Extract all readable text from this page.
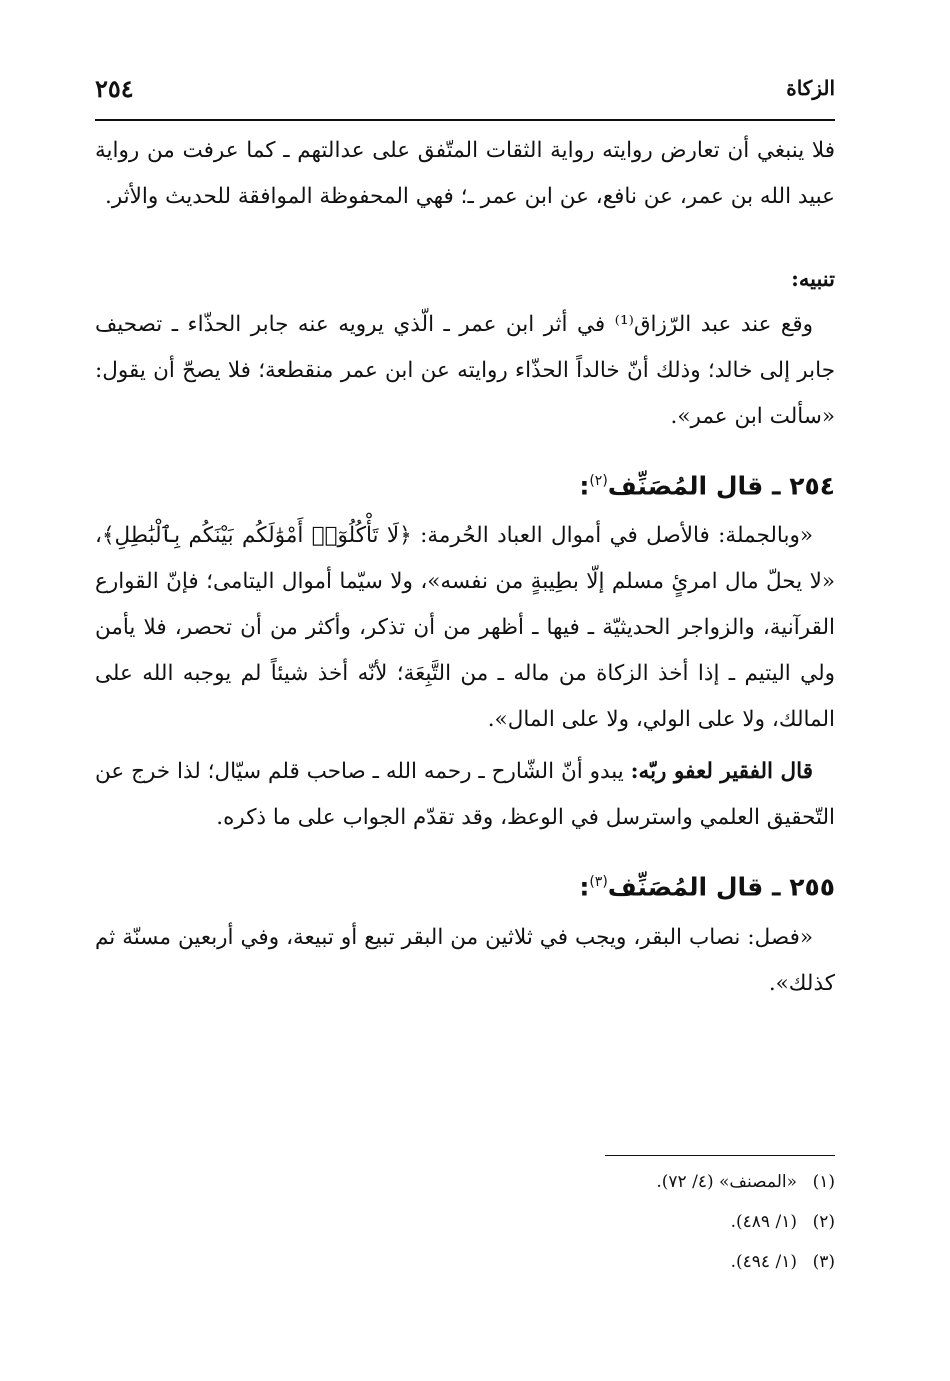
الزكاة
٢٥٤

فلا ينبغي أن تعارض روايته رواية الثقات المتّفق على عدالتهم ـ كما عرفت من رواية عبيد الله بن عمر، عن نافع، عن ابن عمر ـ؛ فهي المحفوظة الموافقة للحديث والأثر.

تنبيه:

وقع عند عبد الرّزاق⁽¹⁾ في أثر ابن عمر ـ الّذي يرويه عنه جابر الحذّاء ـ تصحيف جابر إلى خالد؛ وذلك أنّ خالداً الحذّاء روايته عن ابن عمر منقطعة؛ فلا يصحّ أن يقول: «سألت ابن عمر».

٢٥٤ ـ قال المُصَنِّف$^{(٢)}$:

«وبالجملة: فالأصل في أموال العباد الحُرمة: ﴿لَا تَأْكُلُوٓا۟ أَمْوَٰلَكُم بَيْنَكُم بِٱلْبَٰطِلِ﴾، «لا يحلّ مال امرئٍ مسلم إلّا بطِيبةٍ من نفسه»، ولا سيّما أموال اليتامى؛ فإنّ القوارع القرآنية، والزواجر الحديثيّة ـ فيها ـ أظهر من أن تذكر، وأكثر من أن تحصر، فلا يأمن ولي اليتيم ـ إذا أخذ الزكاة من ماله ـ من التَّبِعَة؛ لأنّه أخذ شيئاً لم يوجبه الله على المالك، ولا على الولي، ولا على المال».

قال الفقير لعفو ربّه: يبدو أنّ الشّارح ـ رحمه الله ـ صاحب قلم سيّال؛ لذا خرج عن التّحقيق العلمي واسترسل في الوعظ، وقد تقدّم الجواب على ما ذكره.

٢٥٥ ـ قال المُصَنِّف$^{(٣)}$:

«فصل: نصاب البقر، ويجب في ثلاثين من البقر تبيع أو تبيعة، وفي أربعين مسنّة ثم كذلك».

(١)«المصنف» (٤/ ٧٢).

(٢)(١/ ٤٨٩).

(٣)(١/ ٤٩٤).
